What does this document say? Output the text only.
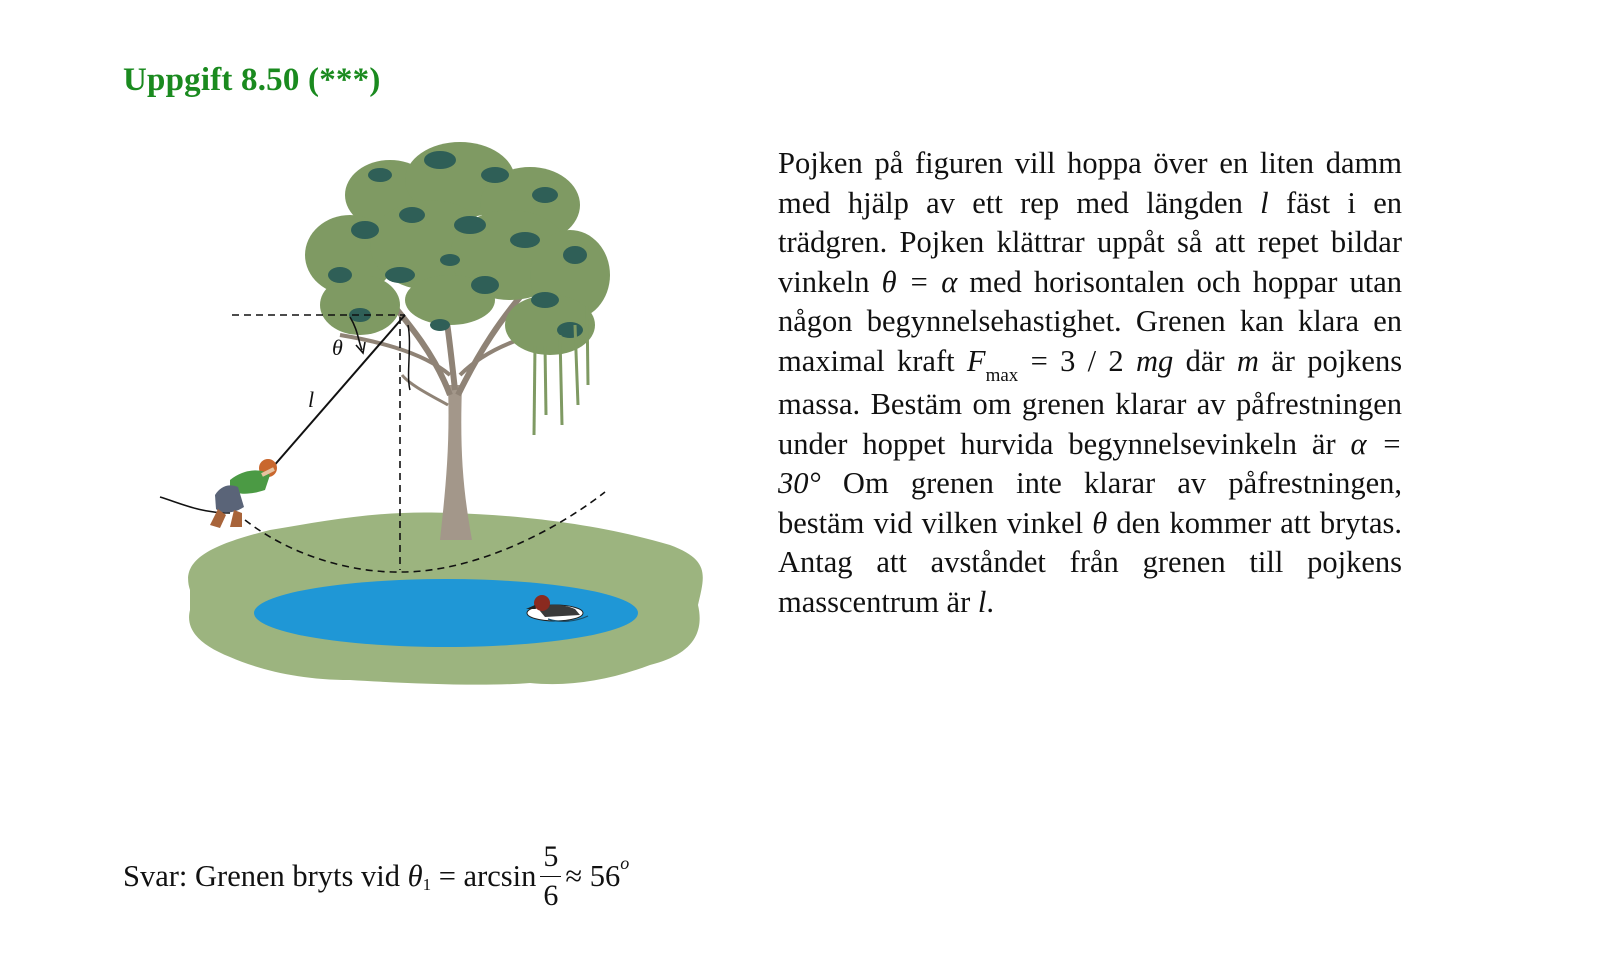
Uppgift 8.50 (***)
θ
l

Pojken på figuren vill hoppa över en liten damm med hjälp av ett rep med längden l fäst i en trädgren. Pojken klättrar uppåt så att repet bildar vinkeln θ = α med horisontalen och hoppar utan någon begynnelsehastighet. Grenen kan klara en maximal kraft $F_{max} = 3 / 2$ mg där m är pojkens massa. Bestäm om grenen klarar av påfrestningen under hoppet hurvida begynnelsevinkeln är α = 30° Om grenen inte klarar av påfrestningen, bestäm vid vilken vinkel θ den kommer att brytas. Antag att avståndet från grenen till pojkens masscentrum är l.

Svar: Grenen bryts vid
θ 1
= $\arcsin \frac{5}{6} \approx 56$ o
